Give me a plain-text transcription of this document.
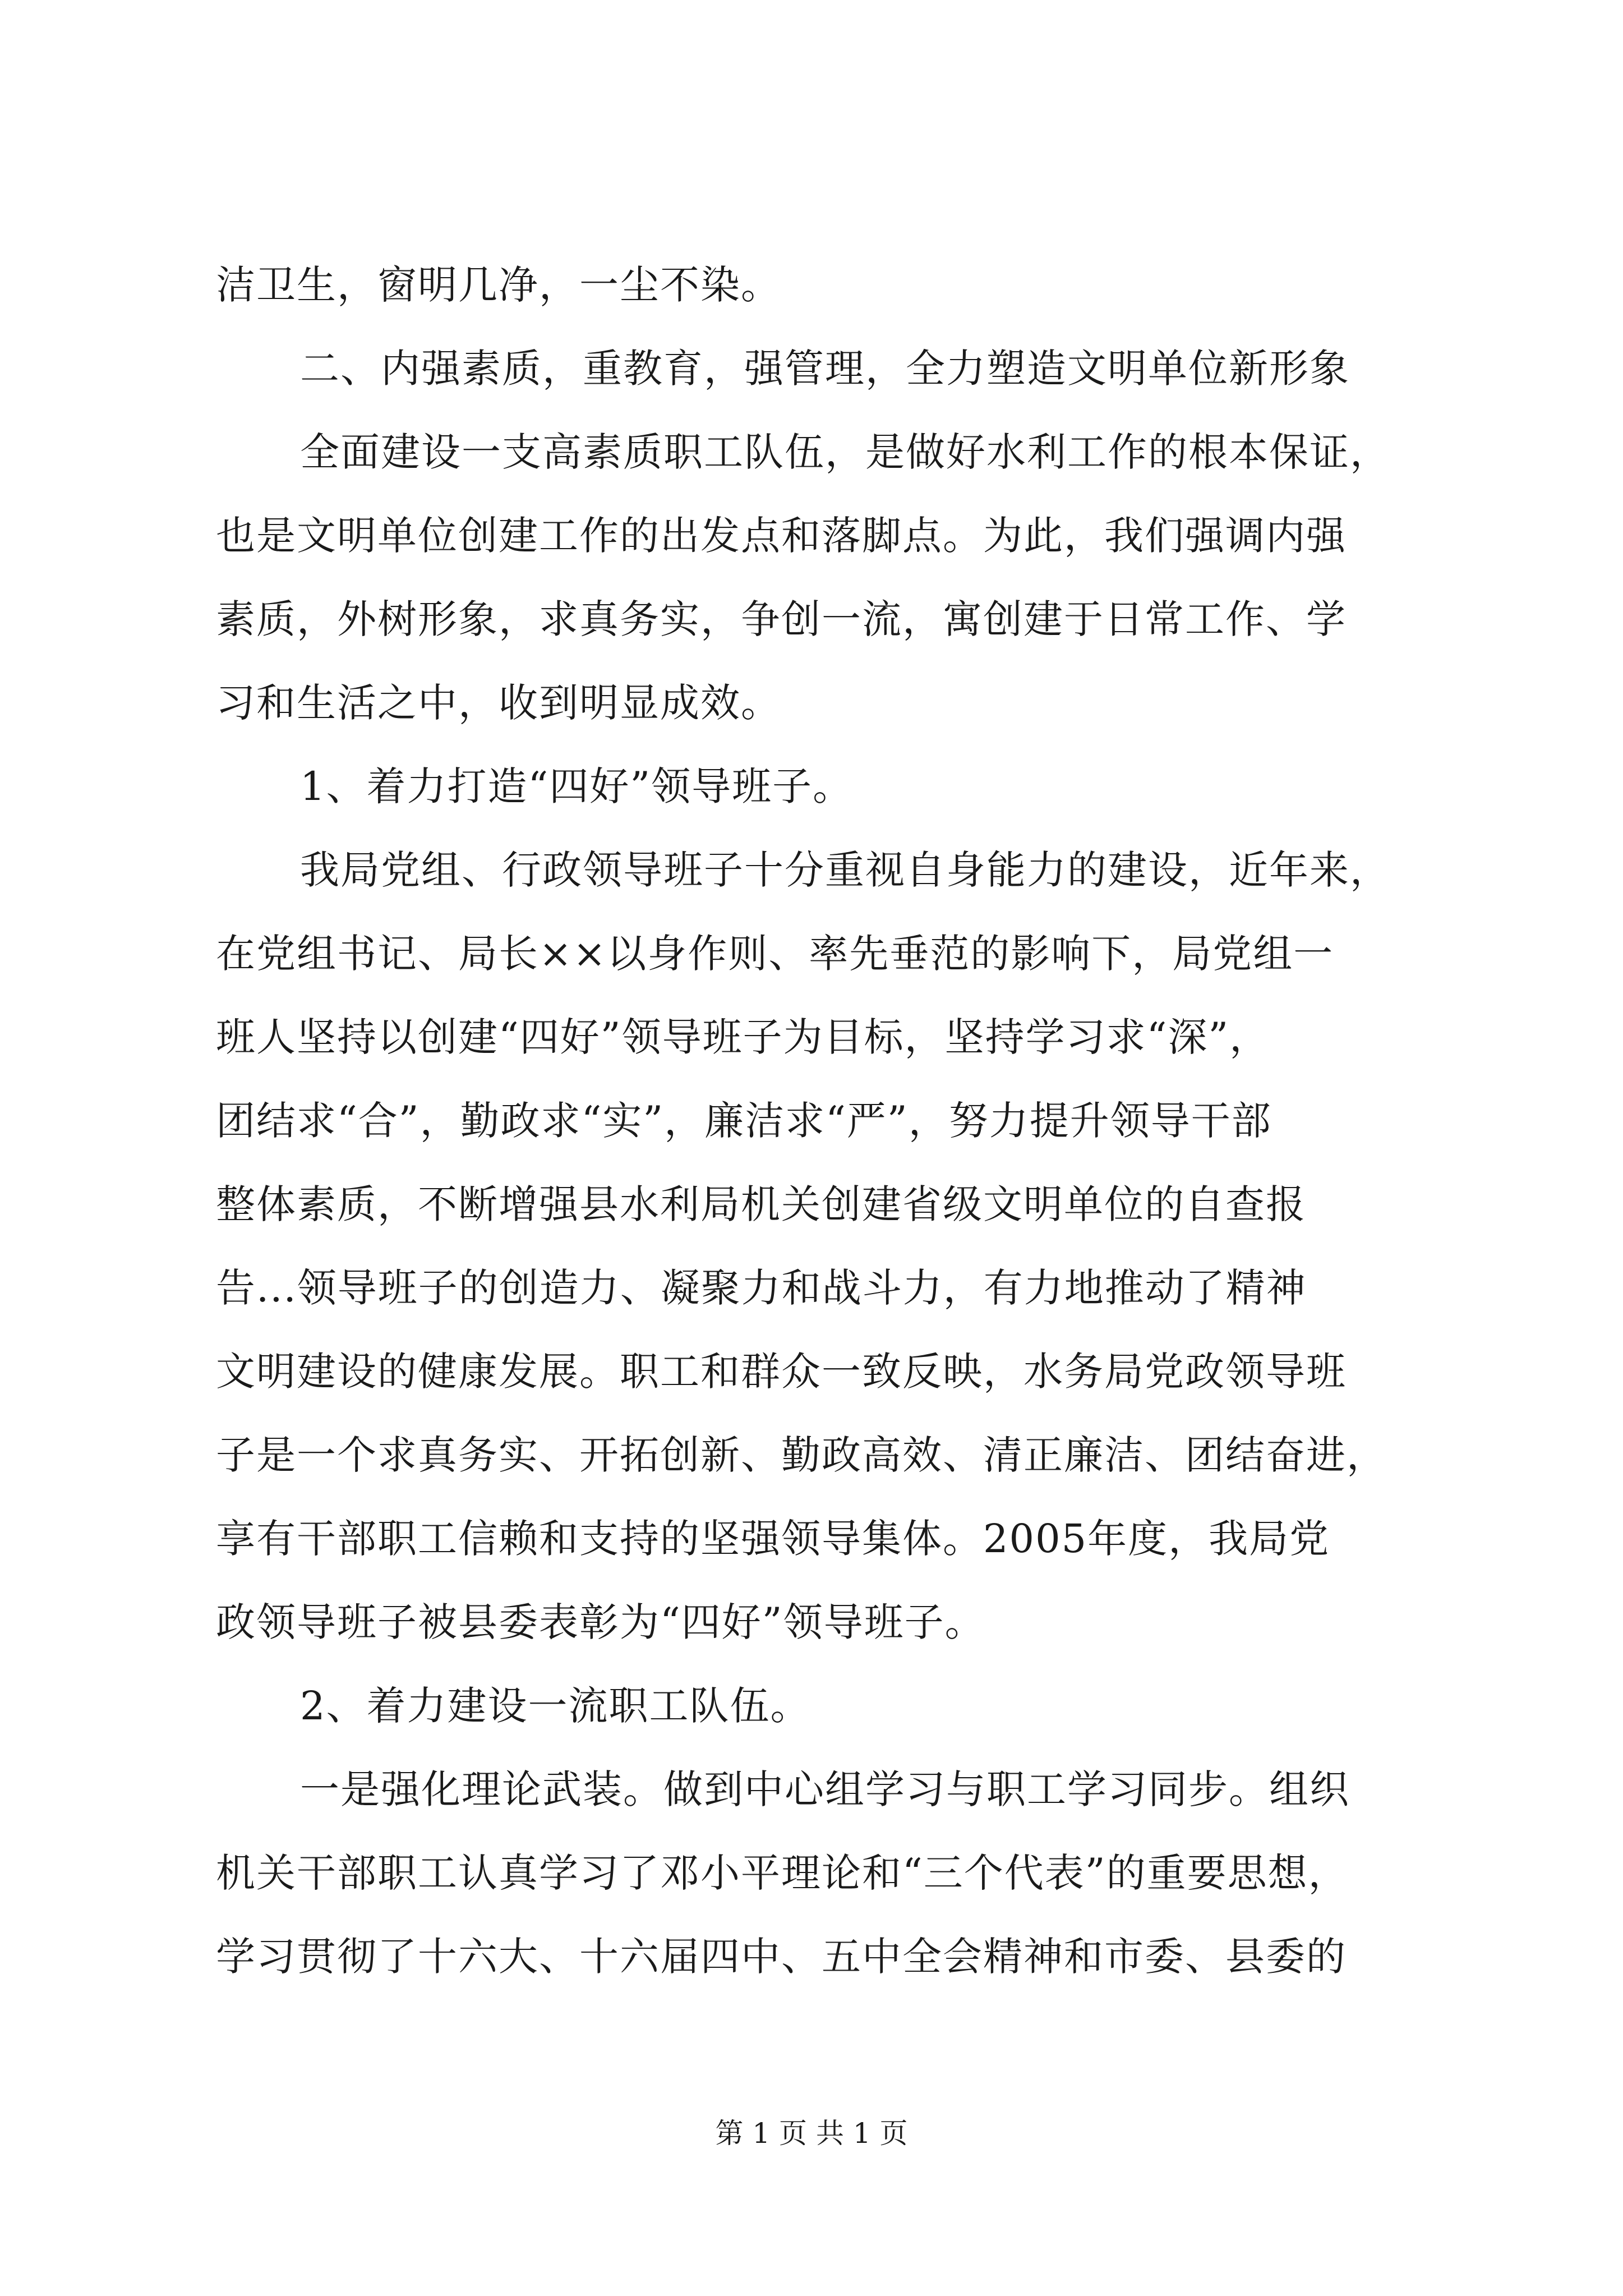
洁卫生，窗明几净，一尘不染。
二、内强素质，重教育，强管理，全力塑造文明单位新形象
全面建设一支高素质职工队伍，是做好水利工作的根本保证，
也是文明单位创建工作的出发点和落脚点。为此，我们强调内强
素质，外树形象，求真务实，争创一流，寓创建于日常工作、学
习和生活之中，收到明显成效。
1、着力打造“四好”领导班子。
我局党组、行政领导班子十分重视自身能力的建设，近年来，
在党组书记、局长××以身作则、率先垂范的影响下，局党组一
班人坚持以创建“四好”领导班子为目标，坚持学习求“深”，
团结求“合”，勤政求“实”，廉洁求“严”，努力提升领导干部
整体素质，不断增强县水利局机关创建省级文明单位的自查报
告...领导班子的创造力、凝聚力和战斗力，有力地推动了精神
文明建设的健康发展。职工和群众一致反映，水务局党政领导班
子是一个求真务实、开拓创新、勤政高效、清正廉洁、团结奋进，
享有干部职工信赖和支持的坚强领导集体。2005年度，我局党
政领导班子被县委表彰为“四好”领导班子。
2、着力建设一流职工队伍。
一是强化理论武装。做到中心组学习与职工学习同步。组织
机关干部职工认真学习了邓小平理论和“三个代表”的重要思想，
学习贯彻了十六大、十六届四中、五中全会精神和市委、县委的
第 1 页 共 1 页
